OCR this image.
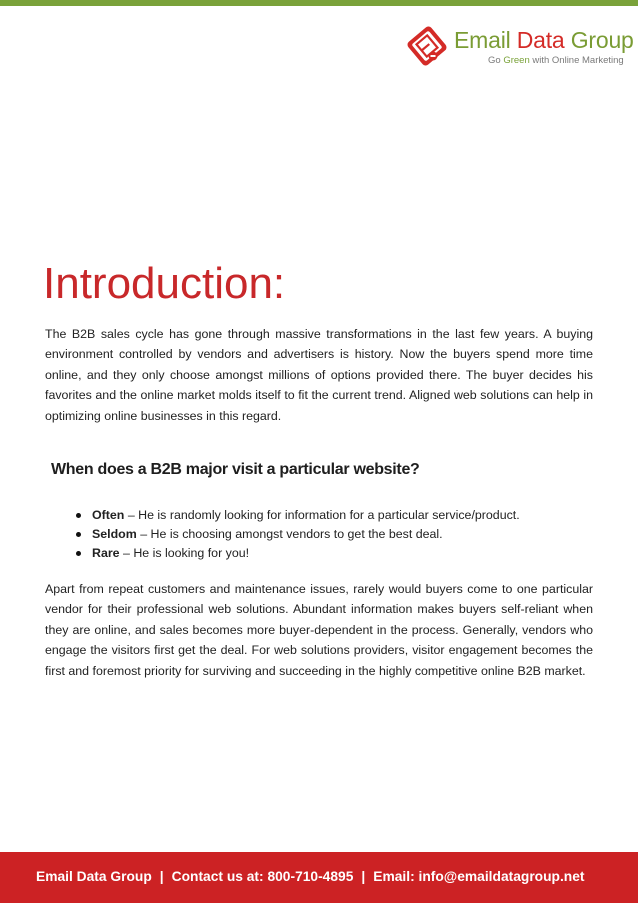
Email Data Group
Go Green with Online Marketing
Introduction:

The B2B sales cycle has gone through massive transformations in the last few years. A buying environment controlled by vendors and advertisers is history. Now the buyers spend more time online, and they only choose amongst millions of options provided there. The buyer decides his favorites and the online market molds itself to fit the current trend. Aligned web solutions can help in optimizing online businesses in this regard.

When does a B2B major visit a particular website?
Often – He is randomly looking for information for a particular service/product.
Seldom – He is choosing amongst vendors to get the best deal.
Rare – He is looking for you!

Apart from repeat customers and maintenance issues, rarely would buyers come to one particular vendor for their professional web solutions. Abundant information makes buyers self-reliant when they are online, and sales becomes more buyer-dependent in the process. Generally, vendors who engage the visitors first get the deal. For web solutions providers, visitor engagement becomes the first and foremost priority for surviving and succeeding in the highly competitive online B2B market.

Email Data Group | Contact us at: 800-710-4895 | Email: info@emaildatagroup.net
